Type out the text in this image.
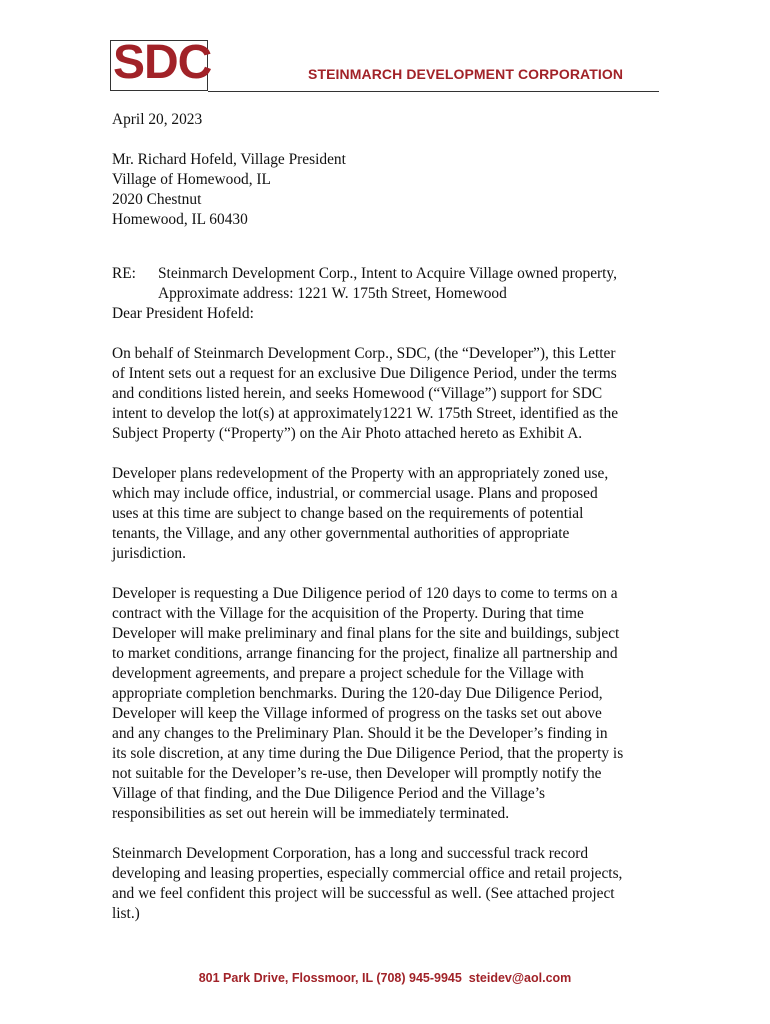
SDC	STEINMARCH DEVELOPMENT CORPORATION

April 20, 2023

Mr. Richard Hofeld, Village President
Village of Homewood, IL
2020 Chestnut
Homewood, IL 60430
RE:	Steinmarch Development Corp., Intent to Acquire Village owned property,
Approximate address: 1221 W. 175th Street, Homewood

Dear President Hofeld:

On behalf of Steinmarch Development Corp., SDC, (the “Developer”), this Letter
of Intent sets out a request for an exclusive Due Diligence Period, under the terms
and conditions listed herein, and seeks Homewood (“Village”) support for SDC
intent to develop the lot(s) at approximately1221 W. 175th Street, identified as the
Subject Property (“Property”) on the Air Photo attached hereto as Exhibit A.

Developer plans redevelopment of the Property with an appropriately zoned use,
which may include office, industrial, or commercial usage. Plans and proposed
uses at this time are subject to change based on the requirements of potential
tenants, the Village, and any other governmental authorities of appropriate
jurisdiction.

Developer is requesting a Due Diligence period of 120 days to come to terms on a
contract with the Village for the acquisition of the Property. During that time
Developer will make preliminary and final plans for the site and buildings, subject
to market conditions, arrange financing for the project, finalize all partnership and
development agreements, and prepare a project schedule for the Village with
appropriate completion benchmarks. During the 120-day Due Diligence Period,
Developer will keep the Village informed of progress on the tasks set out above
and any changes to the Preliminary Plan. Should it be the Developer’s finding in
its sole discretion, at any time during the Due Diligence Period, that the property is
not suitable for the Developer’s re-use, then Developer will promptly notify the
Village of that finding, and the Due Diligence Period and the Village’s
responsibilities as set out herein will be immediately terminated.

Steinmarch Development Corporation, has a long and successful track record
developing and leasing properties, especially commercial office and retail projects,
and we feel confident this project will be successful as well. (See attached project
list.)

801 Park Drive, Flossmoor, IL (708) 945-9945  steidev@aol.com
